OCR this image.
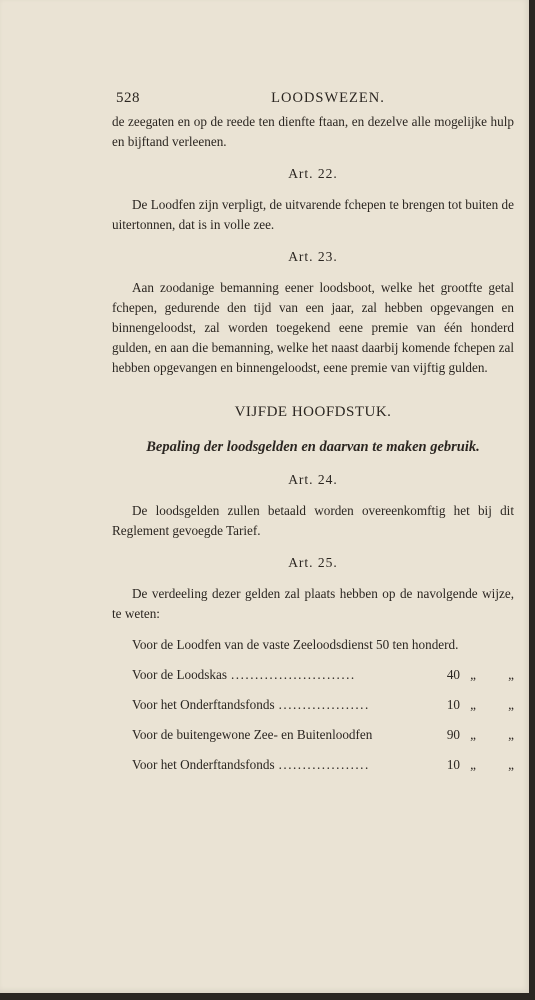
528	LOODSWEZEN.

de zeegaten en op de reede ten dienfte ftaan, en dezelve alle mogelijke hulp en bijftand verleenen.

Art. 22.

De Loodfen zijn verpligt, de uitvarende fchepen te brengen tot buiten de uitertonnen, dat is in volle zee.

Art. 23.

Aan zoodanige bemanning eener loodsboot, welke het grootfte getal fchepen, gedurende den tijd van een jaar, zal hebben opgevangen en binnengeloodst, zal worden toegekend eene premie van één honderd gulden, en aan die bemanning, welke het naast daarbij komende fchepen zal hebben opgevangen en binnengeloodst, eene premie van vijftig gulden.

VIJFDE HOOFDSTUK.
Bepaling der loodsgelden en daarvan te maken gebruik.
Art. 24.

De loodsgelden zullen betaald worden overeenkomftig het bij dit Reglement gevoegde Tarief.

Art. 25.

De verdeeling dezer gelden zal plaats hebben op de navolgende wijze, te weten:

Voor de Loodfen van de vaste Zeeloodsdienst 50 ten honderd.
Voor de Loodskas ..........................	40 „	„
Voor het Onderftandsfonds ...................	10 „	„
Voor de buitengewone Zee- en Buitenloodfen	90 „	„
Voor het Onderftandsfonds ...................	10 „	„
